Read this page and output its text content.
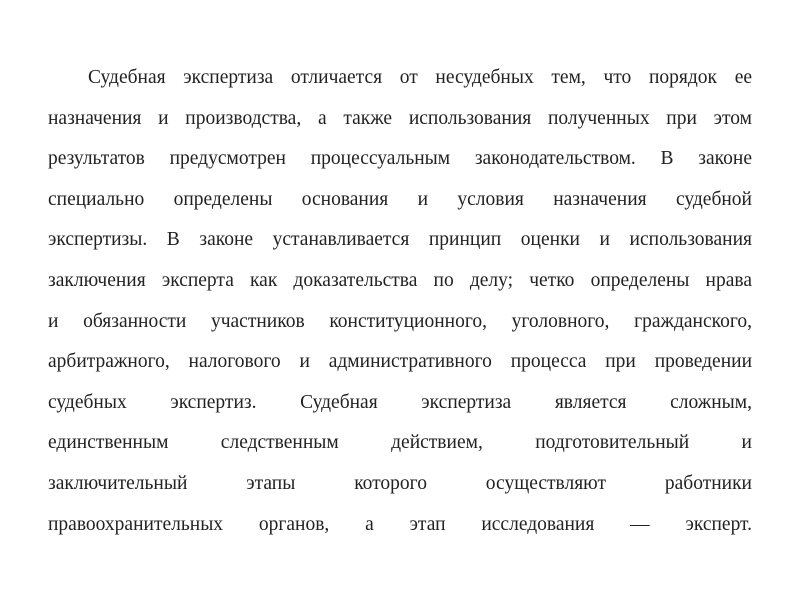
Судебная экспертиза отличается от несудебных тем, что порядок ее
назначения и производства, а также использования полученных при этом
результатов предусмотрен процессуальным законодательством. В законе
специально определены основания и условия назначения судебной
экспертизы. В законе устанавливается принцип оценки и использования
заключения эксперта как доказательства по делу; четко определены нрава
и обязанности участников конституционного, уголовного, гражданского,
арбитражного, налогового и административного процесса при проведении
судебных экспертиз. Судебная экспертиза является сложным,
единственным следственным действием, подготовительный и
заключительный этапы которого осуществляют работники
правоохранительных органов, а этап исследования — эксперт.
